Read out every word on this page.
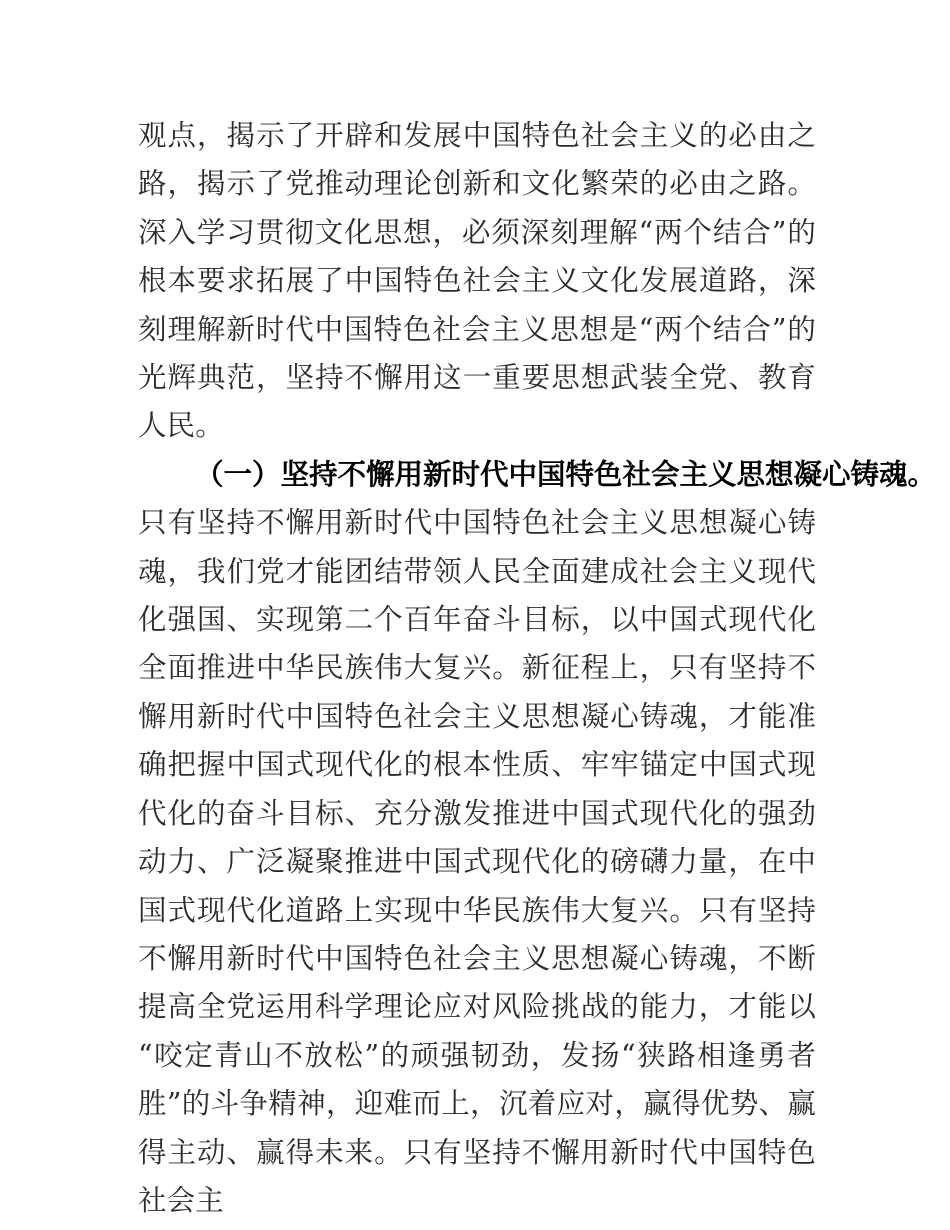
观点，揭示了开辟和发展中国特色社会主义的必由之路，揭示了党推动理论创新和文化繁荣的必由之路。深入学习贯彻文化思想，必须深刻理解“两个结合”的根本要求拓展了中国特色社会主义文化发展道路，深刻理解新时代中国特色社会主义思想是“两个结合”的光辉典范，坚持不懈用这一重要思想武装全党、教育人民。

（一）坚持不懈用新时代中国特色社会主义思想凝心铸魂。

只有坚持不懈用新时代中国特色社会主义思想凝心铸魂，我们党才能团结带领人民全面建成社会主义现代化强国、实现第二个百年奋斗目标，以中国式现代化全面推进中华民族伟大复兴。新征程上，只有坚持不懈用新时代中国特色社会主义思想凝心铸魂，才能准确把握中国式现代化的根本性质、牢牢锚定中国式现代化的奋斗目标、充分激发推进中国式现代化的强劲动力、广泛凝聚推进中国式现代化的磅礴力量，在中国式现代化道路上实现中华民族伟大复兴。只有坚持不懈用新时代中国特色社会主义思想凝心铸魂，不断提高全党运用科学理论应对风险挑战的能力，才能以“咬定青山不放松”的顽强韧劲，发扬“狭路相逢勇者胜”的斗争精神，迎难而上，沉着应对，赢得优势、赢得主动、赢得未来。只有坚持不懈用新时代中国特色社会主
